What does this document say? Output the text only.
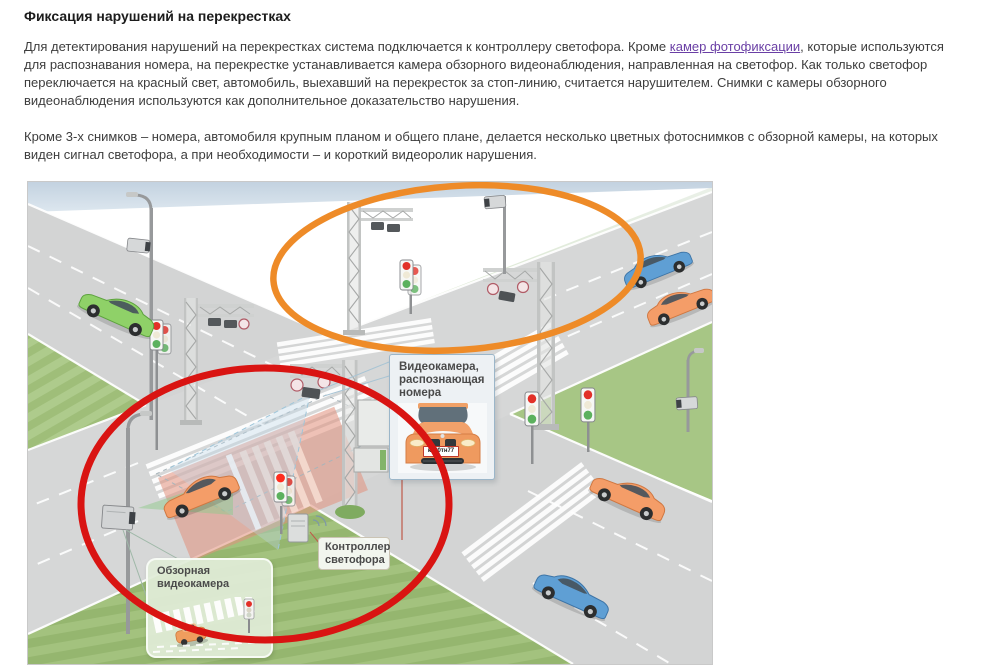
Фиксация нарушений на перекрестках

Для детектирования нарушений на перекрестках система подключается к контроллеру светофора. Кроме камер фотофиксации, которые используются для распознавания номера, на перекрестке устанавливается камера обзорного видеонаблюдения, направленная на светофор. Как только светофор переключается на красный свет, автомобиль, выехавший на перекресток за стоп-линию, считается нарушителем. Снимки с камеры обзорного видеонаблюдения используются как дополнительное доказательство нарушения.

Кроме 3-х снимков – номера, автомобиля крупным планом и общего плане, делается несколько цветных фотоснимков с обзорной камеры, на которых виден сигнал светофора, а при необходимости – и короткий видеоролик нарушения.

Видеокамера, распознающая номера
к920тн77
Контроллер светофора
Обзорная видеокамера
